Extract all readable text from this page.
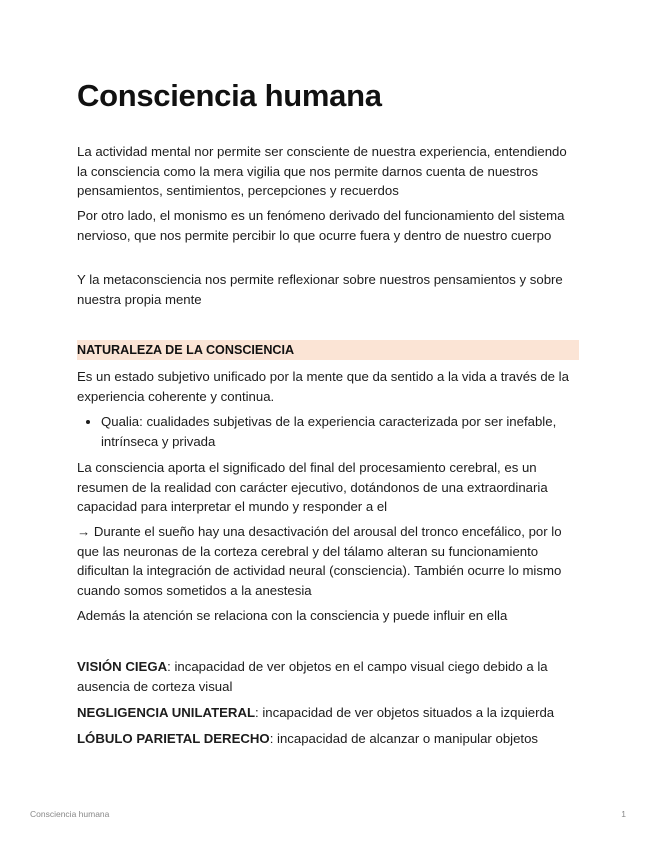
Consciencia humana

La actividad mental nor permite ser consciente de nuestra experiencia, entendiendo la consciencia como la mera vigilia que nos permite darnos cuenta de nuestros pensamientos, sentimientos, percepciones y recuerdos

Por otro lado, el monismo es un fenómeno derivado del funcionamiento del sistema nervioso, que nos permite percibir lo que ocurre fuera y dentro de nuestro cuerpo

Y la metaconsciencia nos permite reflexionar sobre nuestros pensamientos y sobre nuestra propia mente

NATURALEZA DE LA CONSCIENCIA

Es un estado subjetivo unificado por la mente que da sentido a la vida a través de la experiencia coherente y continua.

• Qualia: cualidades subjetivas de la experiencia caracterizada por ser inefable, intrínseca y privada

La consciencia aporta el significado del final del procesamiento cerebral, es un resumen de la realidad con carácter ejecutivo, dotándonos de una extraordinaria capacidad para interpretar el mundo y responder a el

→ Durante el sueño hay una desactivación del arousal del tronco encefálico, por lo que las neuronas de la corteza cerebral y del tálamo alteran su funcionamiento dificultan la integración de actividad neural (consciencia). También ocurre lo mismo cuando somos sometidos a la anestesia

Además la atención se relaciona con la consciencia y puede influir en ella

VISIÓN CIEGA: incapacidad de ver objetos en el campo visual ciego debido a la ausencia de corteza visual

NEGLIGENCIA UNILATERAL: incapacidad de ver objetos situados a la izquierda

LÓBULO PARIETAL DERECHO: incapacidad de alcanzar o manipular objetos

Consciencia humana	1
